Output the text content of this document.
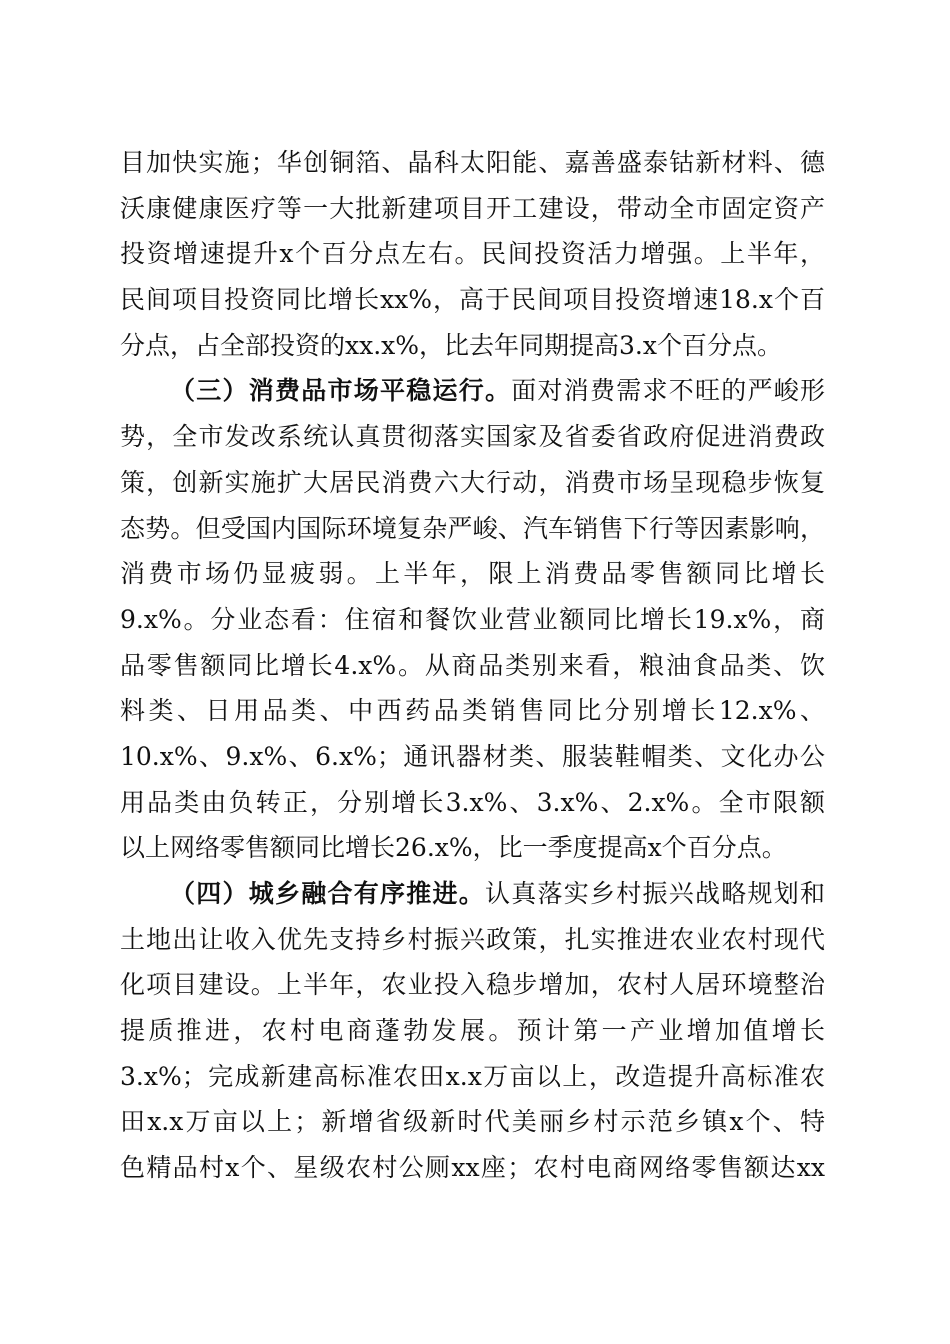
目加快实施；华创铜箔、晶科太阳能、嘉善盛泰钴新材料、德
沃康健康医疗等一大批新建项目开工建设，带动全市固定资产
投资增速提升x个百分点左右。民间投资活力增强。上半年，
民间项目投资同比增长xx%，高于民间项目投资增速18.x个百
分点，占全部投资的xx.x%，比去年同期提高3.x个百分点。
（三）消费品市场平稳运行。面对消费需求不旺的严峻形
势，全市发改系统认真贯彻落实国家及省委省政府促进消费政
策，创新实施扩大居民消费六大行动，消费市场呈现稳步恢复
态势。但受国内国际环境复杂严峻、汽车销售下行等因素影响，
消费市场仍显疲弱。上半年，限上消费品零售额同比增长
9.x%。分业态看：住宿和餐饮业营业额同比增长19.x%，商
品零售额同比增长4.x%。从商品类别来看，粮油食品类、饮
料类、日用品类、中西药品类销售同比分别增长12.x%、
10.x%、9.x%、6.x%；通讯器材类、服装鞋帽类、文化办公
用品类由负转正，分别增长3.x%、3.x%、2.x%。全市限额
以上网络零售额同比增长26.x%，比一季度提高x个百分点。
（四）城乡融合有序推进。认真落实乡村振兴战略规划和
土地出让收入优先支持乡村振兴政策，扎实推进农业农村现代
化项目建设。上半年，农业投入稳步增加，农村人居环境整治
提质推进，农村电商蓬勃发展。预计第一产业增加值增长
3.x%；完成新建高标准农田x.x万亩以上，改造提升高标准农
田x.x万亩以上；新增省级新时代美丽乡村示范乡镇x个、特
色精品村x个、星级农村公厕xx座；农村电商网络零售额达xx
